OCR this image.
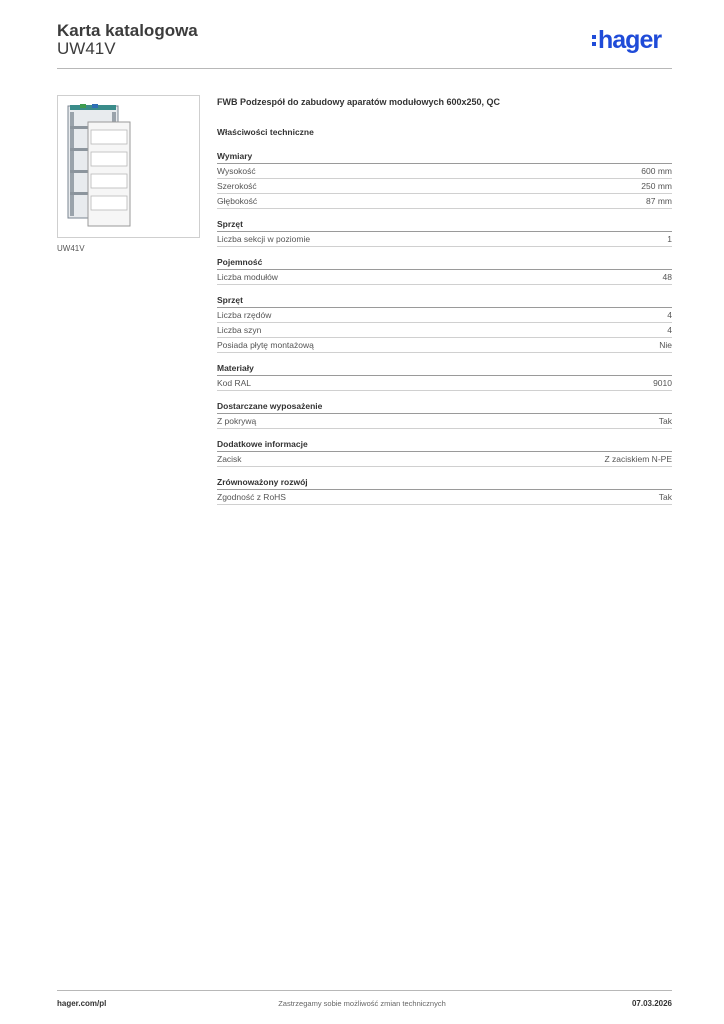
Karta katalogowa
UW41V	hager
UW41V
FWB Podzespół do zabudowy aparatów modułowych 600x250, QC
Właściwości techniczne
Wymiary
Wysokość	600 mm
Szerokość	250 mm
Głębokość	87 mm
Sprzęt
Liczba sekcji w poziomie	1
Pojemność
Liczba modułów	48
Sprzęt
Liczba rzędów	4
Liczba szyn	4
Posiada płytę montażową	Nie
Materiały
Kod RAL	9010
Dostarczane wyposażenie
Z pokrywą	Tak
Dodatkowe informacje
Zacisk	Z zaciskiem N-PE
Zrównoważony rozwój
Zgodność z RoHS	Tak
hager.com/pl	Zastrzegamy sobie możliwość zmian technicznych	07.03.2026
